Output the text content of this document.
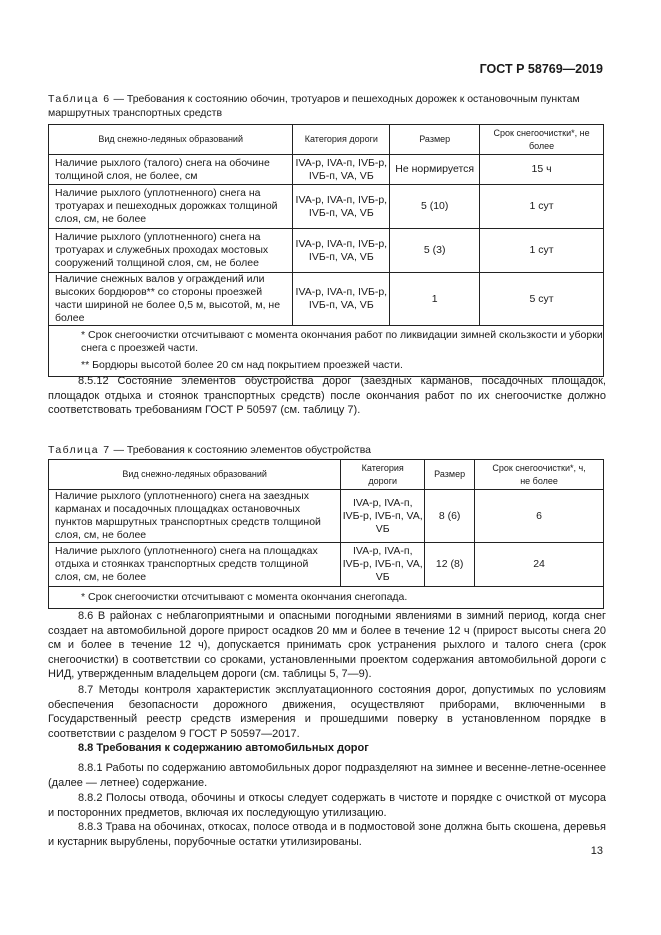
ГОСТ Р 58769—2019
Таблица 6 — Требования к состоянию обочин, тротуаров и пешеходных дорожек к остановочным пунктам маршрутных транспортных средств
Вид снежно-ледяных образований	Категория дороги	Размер	Срок снегоочистки*, не более
Наличие рыхлого (талого) снега на обочине толщиной слоя, не более, см	IVA-р, IVA-п, IVБ-р, IVБ-п, VA, VБ	Не нормируется	15 ч
Наличие рыхлого (уплотненного) снега на тротуарах и пешеходных дорожках толщиной слоя, см, не более	IVA-р, IVA-п, IVБ-р, IVБ-п, VA, VБ	5 (10)	1 сут
Наличие рыхлого (уплотненного) снега на тротуарах и служебных проходах мостовых сооружений толщиной слоя, см, не более	IVA-р, IVA-п, IVБ-р, IVБ-п, VA, VБ	5 (3)	1 сут
Наличие снежных валов у ограждений или высоких бордюров** со стороны проезжей части шириной не более 0,5 м, высотой, м, не более	IVA-р, IVA-п, IVБ-р, IVБ-п, VA, VБ	1	5 сут

* Срок снегоочистки отсчитывают с момента окончания работ по ликвидации зимней скользкости и уборки снега с проезжей части.
** Бордюры высотой более 20 см над покрытием проезжей части.			
8.5.12 Состояние элементов обустройства дорог (заездных карманов, посадочных площадок, площадок отдыха и стоянок транспортных средств) после окончания работ по их снегоочистке должно соответствовать требованиям ГОСТ Р 50597 (см. таблицу 7).
Таблица 7 — Требования к состоянию элементов обустройства
Вид снежно-ледяных образований	Категория дороги	Размер	Срок снегоочистки*, ч, не более
Наличие рыхлого (уплотненного) снега на заездных карманах и посадочных площадках остановочных пунктов маршрутных транспортных средств толщиной слоя, см, не более	IVA-р, IVA-п, IVБ-р, IVБ-п, VA, VБ	8 (6)	6
Наличие рыхлого (уплотненного) снега на площадках отдыха и стоянках транспортных средств толщиной слоя, см, не более	IVA-р, IVA-п, IVБ-р, IVБ-п, VA, VБ	12 (8)	24
* Срок снегоочистки отсчитывают с момента окончания снегопада.			
8.6 В районах с неблагоприятными и опасными погодными явлениями в зимний период, когда снег создает на автомобильной дороге прирост осадков 20 мм и более в течение 12 ч (прирост высоты снега 20 см и более в течение 12 ч), допускается принимать срок устранения рыхлого и талого снега (срок снегоочистки) в соответствии со сроками, установленными проектом содержания автомобильной дороги с НИД, утвержденным владельцем дороги (см. таблицы 5, 7—9).
8.7 Методы контроля характеристик эксплуатационного состояния дорог, допустимых по условиям обеспечения безопасности дорожного движения, осуществляют приборами, включенными в Государственный реестр средств измерения и прошедшими поверку в установленном порядке в соответствии с разделом 9 ГОСТ Р 50597—2017.
8.8 Требования к содержанию автомобильных дорог
8.8.1 Работы по содержанию автомобильных дорог подразделяют на зимнее и весенне-летне-осеннее (далее — летнее) содержание.
8.8.2 Полосы отвода, обочины и откосы следует содержать в чистоте и порядке с очисткой от мусора и посторонних предметов, включая их последующую утилизацию.
8.8.3 Трава на обочинах, откосах, полосе отвода и в подмостовой зоне должна быть скошена, деревья и кустарник вырублены, порубочные остатки утилизированы.
13
